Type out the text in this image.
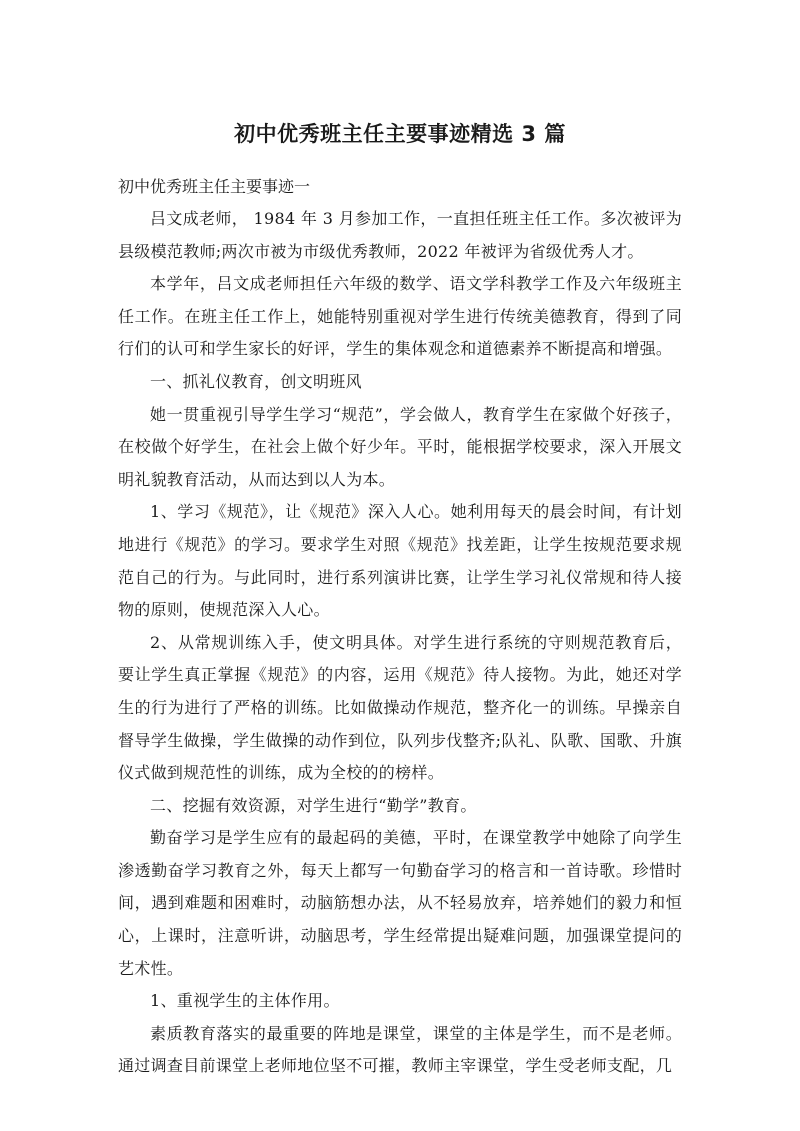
初中优秀班主任主要事迹精选 3 篇

初中优秀班主任主要事迹一

吕文成老师， 1984 年 3 月参加工作，一直担任班主任工作。多次被评为县级模范教师;两次市被为市级优秀教师，2022 年被评为省级优秀人才。

本学年，吕文成老师担任六年级的数学、语文学科教学工作及六年级班主任工作。在班主任工作上，她能特别重视对学生进行传统美德教育，得到了同行们的认可和学生家长的好评，学生的集体观念和道德素养不断提高和增强。

一、抓礼仪教育，创文明班风

她一贯重视引导学生学习“规范”，学会做人，教育学生在家做个好孩子，在校做个好学生，在社会上做个好少年。平时，能根据学校要求，深入开展文明礼貌教育活动，从而达到以人为本。

1、学习《规范》，让《规范》深入人心。她利用每天的晨会时间，有计划地进行《规范》的学习。要求学生对照《规范》找差距，让学生按规范要求规范自己的行为。与此同时，进行系列演讲比赛，让学生学习礼仪常规和待人接物的原则，使规范深入人心。

2、从常规训练入手，使文明具体。对学生进行系统的守则规范教育后，要让学生真正掌握《规范》的内容，运用《规范》待人接物。为此，她还对学生的行为进行了严格的训练。比如做操动作规范，整齐化一的训练。早操亲自督导学生做操，学生做操的动作到位，队列步伐整齐;队礼、队歌、国歌、升旗仪式做到规范性的训练，成为全校的的榜样。

二、挖掘有效资源，对学生进行“勤学”教育。

勤奋学习是学生应有的最起码的美德，平时，在课堂教学中她除了向学生渗透勤奋学习教育之外，每天上都写一句勤奋学习的格言和一首诗歌。珍惜时间，遇到难题和困难时，动脑筋想办法，从不轻易放弃，培养她们的毅力和恒心，上课时，注意听讲，动脑思考，学生经常提出疑难问题，加强课堂提问的艺术性。

1、重视学生的主体作用。

素质教育落实的最重要的阵地是课堂，课堂的主体是学生，而不是老师。通过调查目前课堂上老师地位坚不可摧，教师主宰课堂，学生受老师支配，几
